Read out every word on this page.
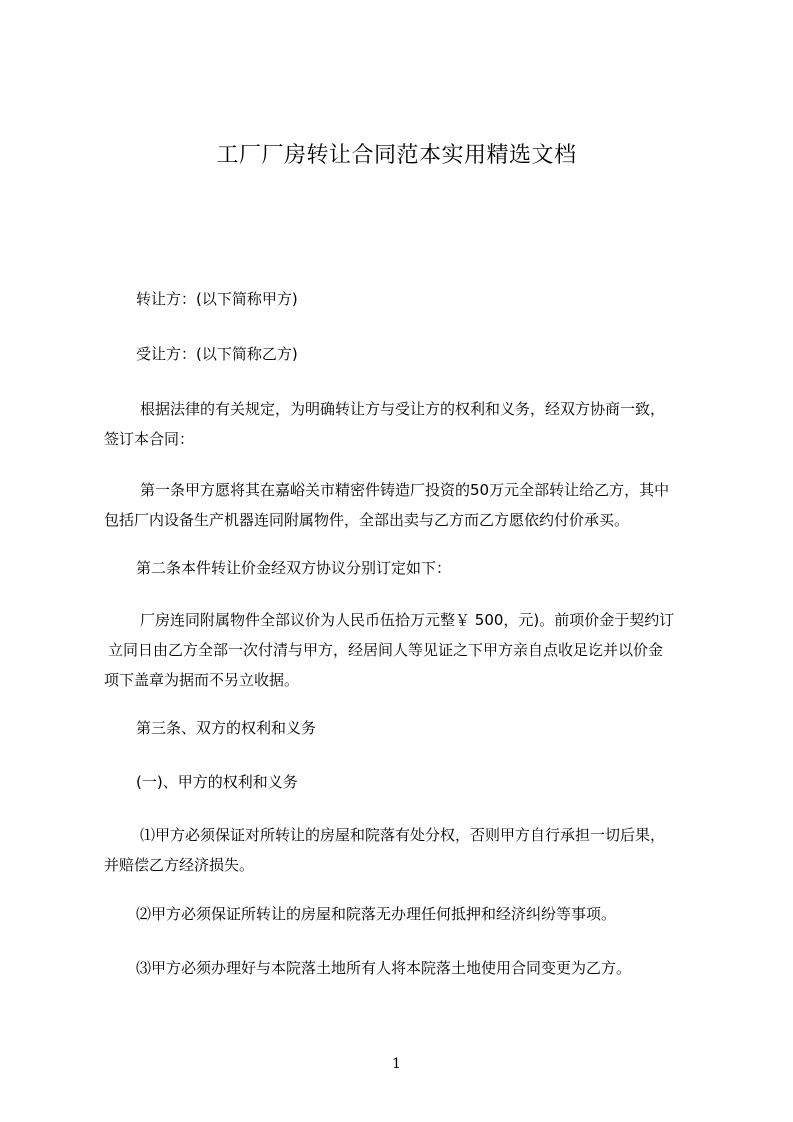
工厂厂房转让合同范本实用精选文档
转让方：(以下简称甲方)
受让方：(以下简称乙方)
根据法律的有关规定，为明确转让方与受让方的权利和义务，经双方协商一致，
签订本合同：
第一条甲方愿将其在嘉峪关市精密件铸造厂投资的50万元全部转让给乙方，其中
包括厂内设备生产机器连同附属物件，全部出卖与乙方而乙方愿依约付价承买。
第二条本件转让价金经双方协议分别订定如下：
厂房连同附属物件全部议价为人民币伍拾万元整￥ 500，元)。前项价金于契约订
立同日由乙方全部一次付清与甲方，经居间人等见证之下甲方亲自点收足讫并以价金
项下盖章为据而不另立收据。
第三条、双方的权利和义务
(一)、甲方的权利和义务
⑴甲方必须保证对所转让的房屋和院落有处分权，否则甲方自行承担一切后果，
并赔偿乙方经济损失。
⑵甲方必须保证所转让的房屋和院落无办理任何抵押和经济纠纷等事项。
⑶甲方必须办理好与本院落土地所有人将本院落土地使用合同变更为乙方。
1
